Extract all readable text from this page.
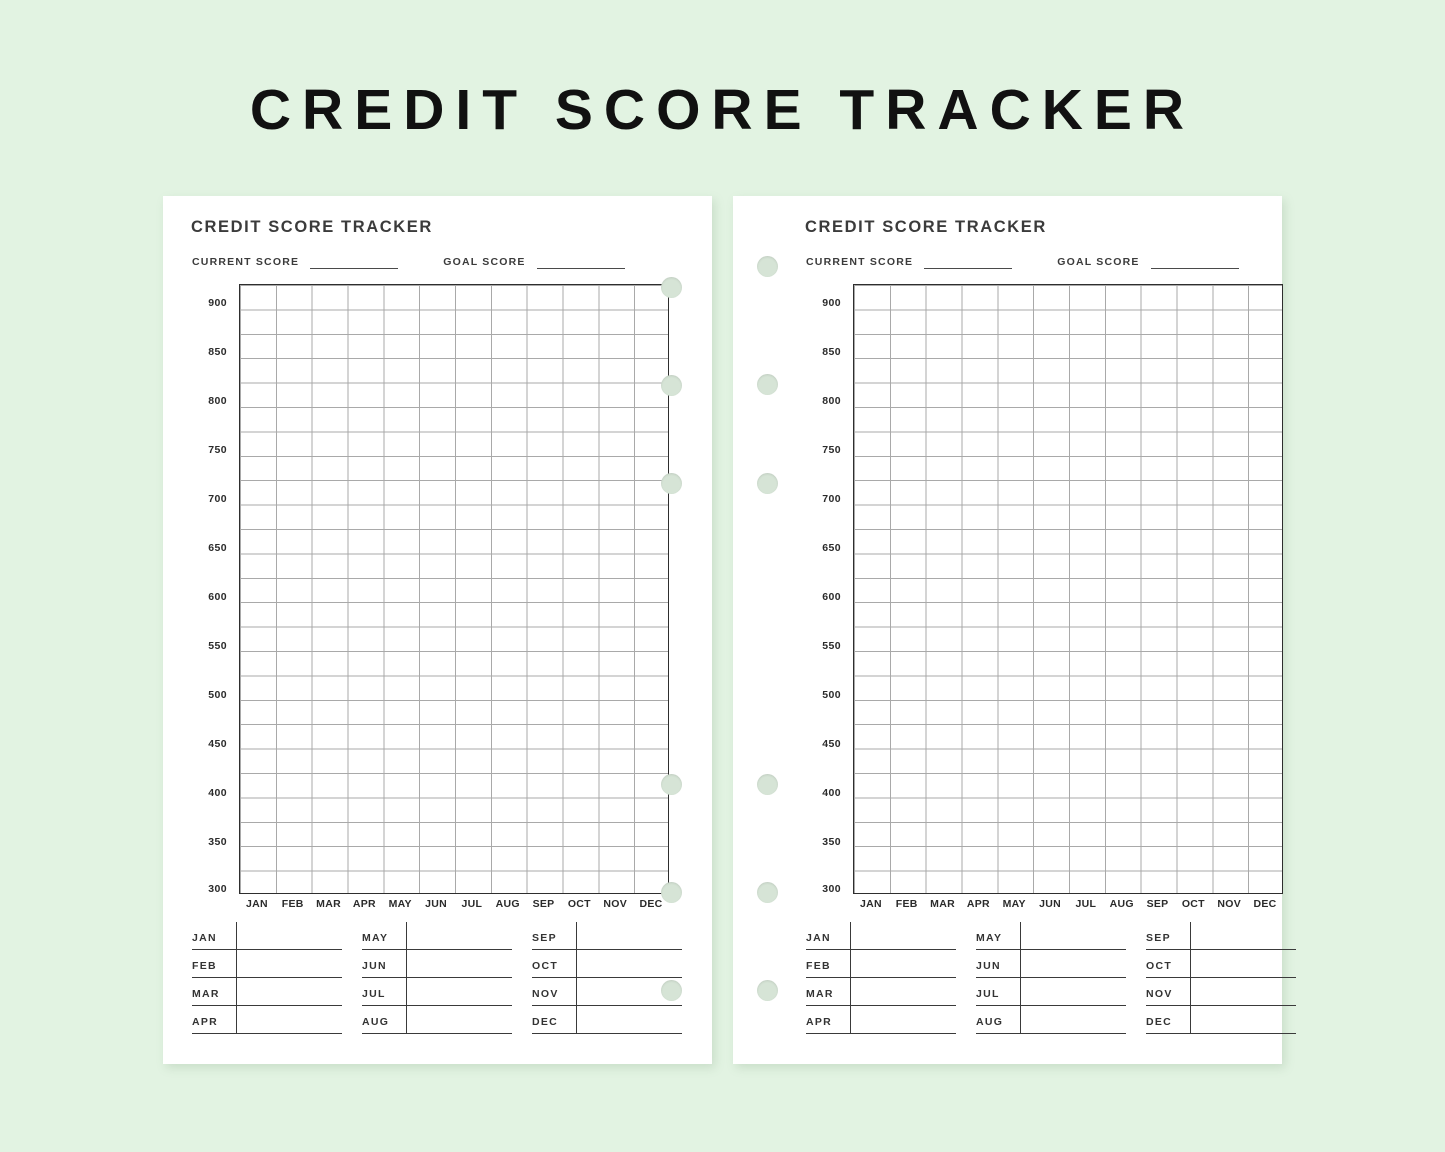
CREDIT SCORE TRACKER
CREDIT SCORE TRACKER
CURRENT SCORE	GOAL SCORE
900
850
800
750
700
650
600
550
500
450
400
350
300
JAN	FEB	MAR	APR	MAY	JUN	JUL	AUG	SEP	OCT	NOV	DEC
JAN
FEB
MAR
APR
MAY
JUN
JUL
AUG
SEP
OCT
NOV
DEC
CREDIT SCORE TRACKER
CURRENT SCORE	GOAL SCORE
900
850
800
750
700
650
600
550
500
450
400
350
300
JAN	FEB	MAR	APR	MAY	JUN	JUL	AUG	SEP	OCT	NOV	DEC
JAN
FEB
MAR
APR
MAY
JUN
JUL
AUG
SEP
OCT
NOV
DEC
